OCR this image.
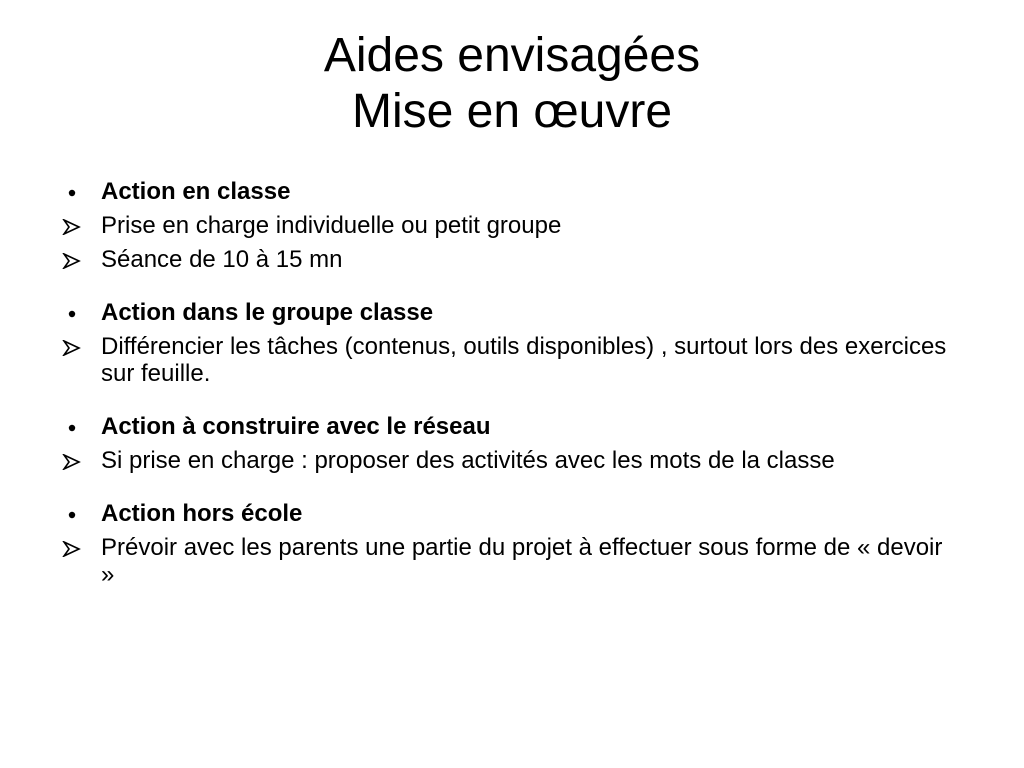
Aides envisagées
Mise en œuvre
Action en classe
Prise en charge individuelle ou petit groupe
Séance de 10 à 15 mn
Action dans le groupe classe
Différencier les tâches (contenus, outils disponibles) , surtout lors des exercices sur feuille.
Action à construire avec le réseau
Si prise en charge : proposer des activités avec les mots de la classe
Action hors école
Prévoir avec les parents une partie du projet à effectuer sous forme de « devoir »
